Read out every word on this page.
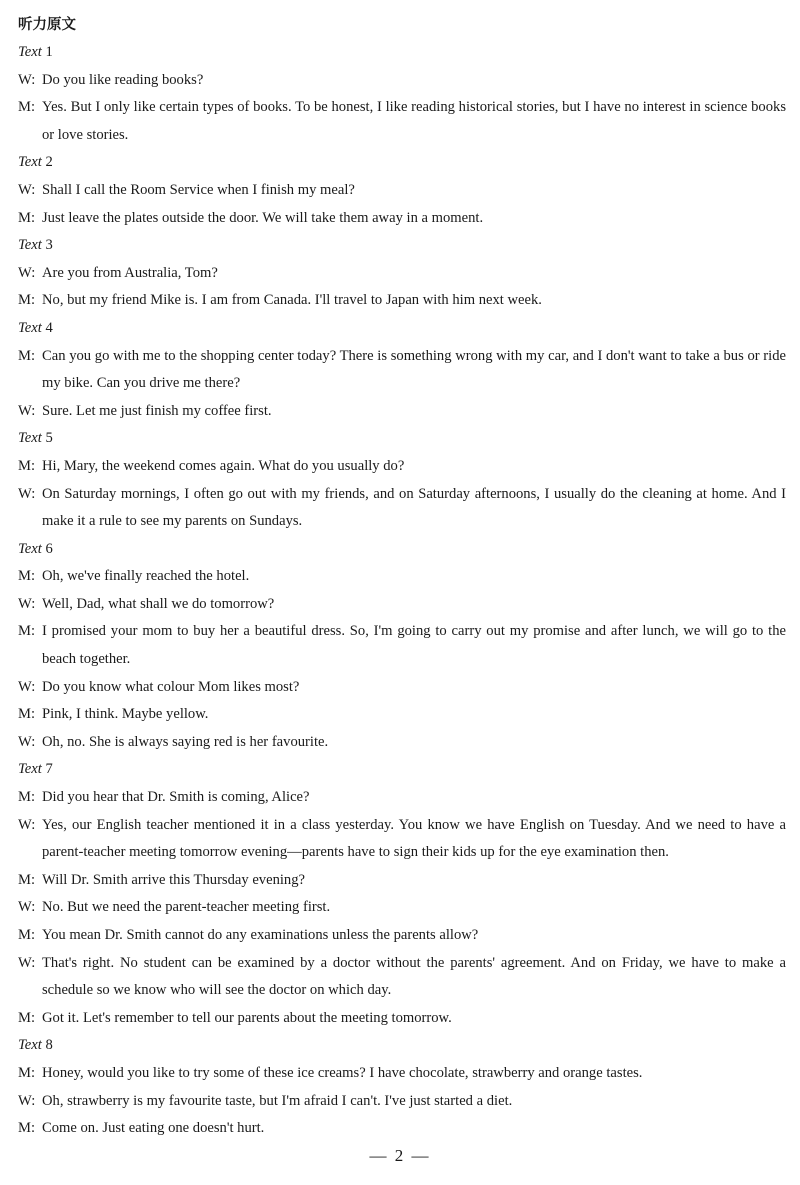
听力原文
Text 1
W: Do you like reading books?
M: Yes. But I only like certain types of books. To be honest, I like reading historical stories, but I have no interest in science books or love stories.
Text 2
W: Shall I call the Room Service when I finish my meal?
M: Just leave the plates outside the door. We will take them away in a moment.
Text 3
W: Are you from Australia, Tom?
M: No, but my friend Mike is. I am from Canada. I'll travel to Japan with him next week.
Text 4
M: Can you go with me to the shopping center today? There is something wrong with my car, and I don't want to take a bus or ride my bike. Can you drive me there?
W: Sure. Let me just finish my coffee first.
Text 5
M: Hi, Mary, the weekend comes again. What do you usually do?
W: On Saturday mornings, I often go out with my friends, and on Saturday afternoons, I usually do the cleaning at home. And I make it a rule to see my parents on Sundays.
Text 6
M: Oh, we've finally reached the hotel.
W: Well, Dad, what shall we do tomorrow?
M: I promised your mom to buy her a beautiful dress. So, I'm going to carry out my promise and after lunch, we will go to the beach together.
W: Do you know what colour Mom likes most?
M: Pink, I think. Maybe yellow.
W: Oh, no. She is always saying red is her favourite.
Text 7
M: Did you hear that Dr. Smith is coming, Alice?
W: Yes, our English teacher mentioned it in a class yesterday. You know we have English on Tuesday. And we need to have a parent-teacher meeting tomorrow evening—parents have to sign their kids up for the eye examination then.
M: Will Dr. Smith arrive this Thursday evening?
W: No. But we need the parent-teacher meeting first.
M: You mean Dr. Smith cannot do any examinations unless the parents allow?
W: That's right. No student can be examined by a doctor without the parents' agreement. And on Friday, we have to make a schedule so we know who will see the doctor on which day.
M: Got it. Let's remember to tell our parents about the meeting tomorrow.
Text 8
M: Honey, would you like to try some of these ice creams? I have chocolate, strawberry and orange tastes.
W: Oh, strawberry is my favourite taste, but I'm afraid I can't. I've just started a diet.
M: Come on. Just eating one doesn't hurt.
— 2 —
